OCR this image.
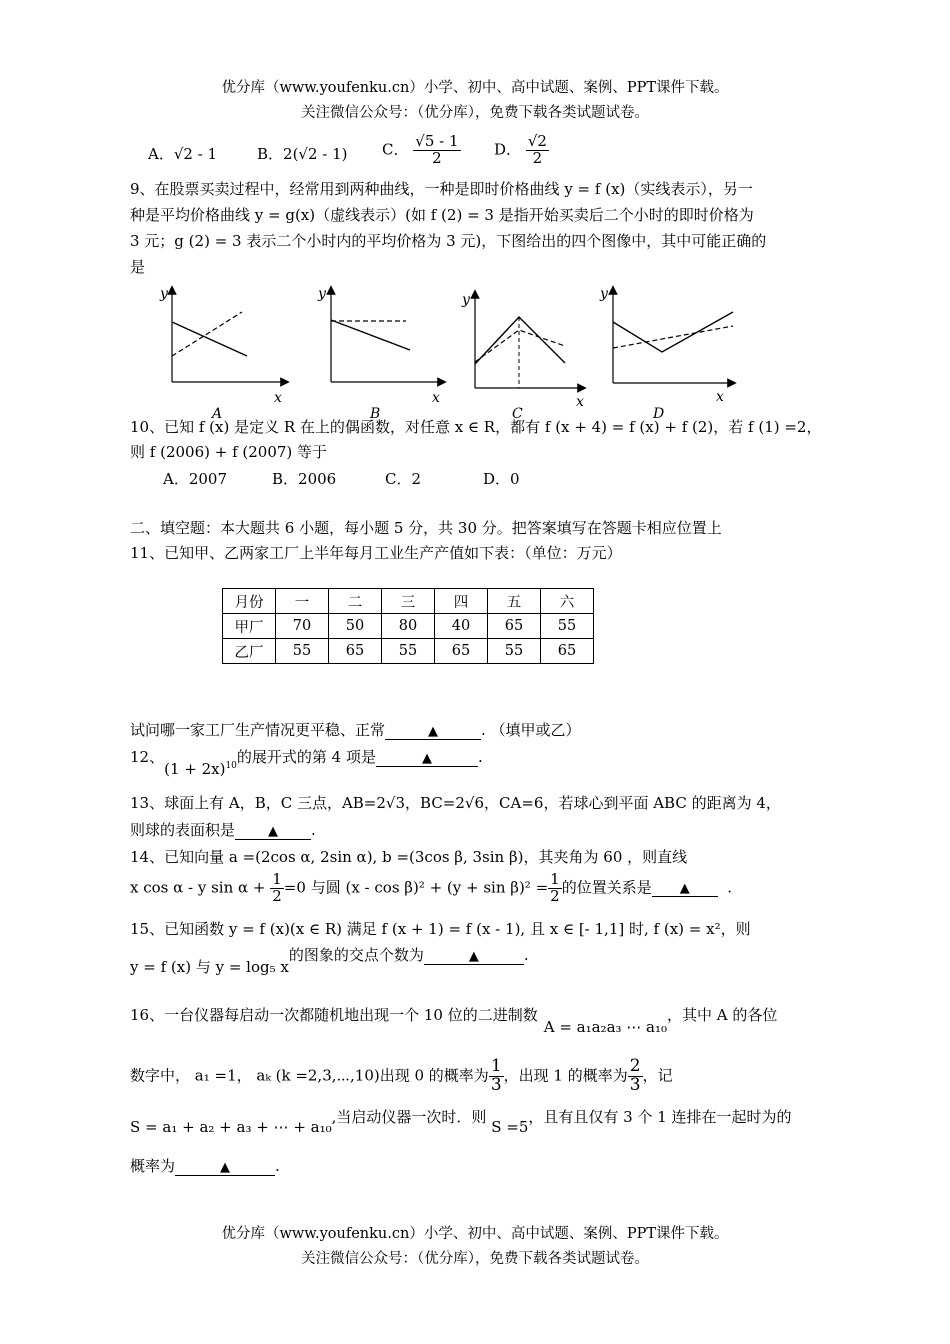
优分库（www.youfenku.cn）小学、初中、高中试题、案例、PPT课件下载。
关注微信公众号：（优分库），免费下载各类试题试卷。
A．√2 - 1	B．2(√2 - 1) C． $\frac{√5 - 1}{2}$ D． $\frac{√2}{2}$
9、在股票买卖过程中，经常用到两种曲线，一种是即时价格曲线 y = f (x)（实线表示），另一
种是平均价格曲线 y = g(x)（虚线表示）(如 f (2) = 3 是指开始买卖后二个小时的即时价格为
3 元；g (2) = 3 表示二个小时内的平均价格为 3 元)，下图给出的四个图像中，其中可能正确的
是
y
x
A
y
x
B
y
x
C
y
x
D
10、已知 f (x) 是定义 R 在上的偶函数，对任意 x ∈ R，都有 f (x + 4) = f (x) + f (2)，若 f (1) =2，
则 f (2006) + f (2007) 等于
A．2007	B．2006	C．2	D．0
二、填空题：本大题共 6 小题，每小题 5 分，共 30 分。把答案填写在答题卡相应位置上
11、已知甲、乙两家工厂上半年每月工业生产产值如下表：（单位：万元）
月份	一	二	三	四	五	六
甲厂	70	50	80	40	65	55
乙厂	55	65	55	65	55	65
试问哪一家工厂生产情况更平稳、正常	▲	. （填甲或乙）
12、$(1 + 2x)^{10}$的展开式的第 4 项是	▲	.
13、球面上有 A，B，C 三点，AB=2√3，BC=2√6，CA=6，若球心到平面 ABC 的距离为 4，
则球的表面积是	▲ .
14、已知向量 a =(2cos α, 2sin α), b =(3cos β, 3sin β)，其夹角为 60 ，则直线
x cos α - y $\sin \alpha + \frac{1}{2} =0$ 与圆 $(x - \cos \beta)^2 + (y + \sin \beta)^2 = \frac{1}{2}$ 的位置关系是 ▲	.
15、已知函数 y = f (x)(x ∈ R) 满足 f (x + 1) = f (x - 1), 且 x ∈ [- 1,1] 时, f (x) = x²，则
y = f (x) 与 y = log₅ x的图象的交点个数为	▲	.
16、一台仪器每启动一次都随机地出现一个 10 位的二进制数A = a₁a₂a₃ ⋯ a₁₀，其中 A 的各位
数字中， a₁ =1， aₖ (k =2,3,⋯,10)出现 0 的概率为 $\frac{1}{3}$ ，出现 1 的概率为 $\frac{2}{3}$ ，记
S = a₁ + a₂ + a₃ + ⋯ + a₁₀,当启动仪器一次时．则 S =5，且有且仅有 3 个 1 连排在一起时为的
概率为	▲	.
优分库（www.youfenku.cn）小学、初中、高中试题、案例、PPT课件下载。
关注微信公众号：（优分库），免费下载各类试题试卷。
